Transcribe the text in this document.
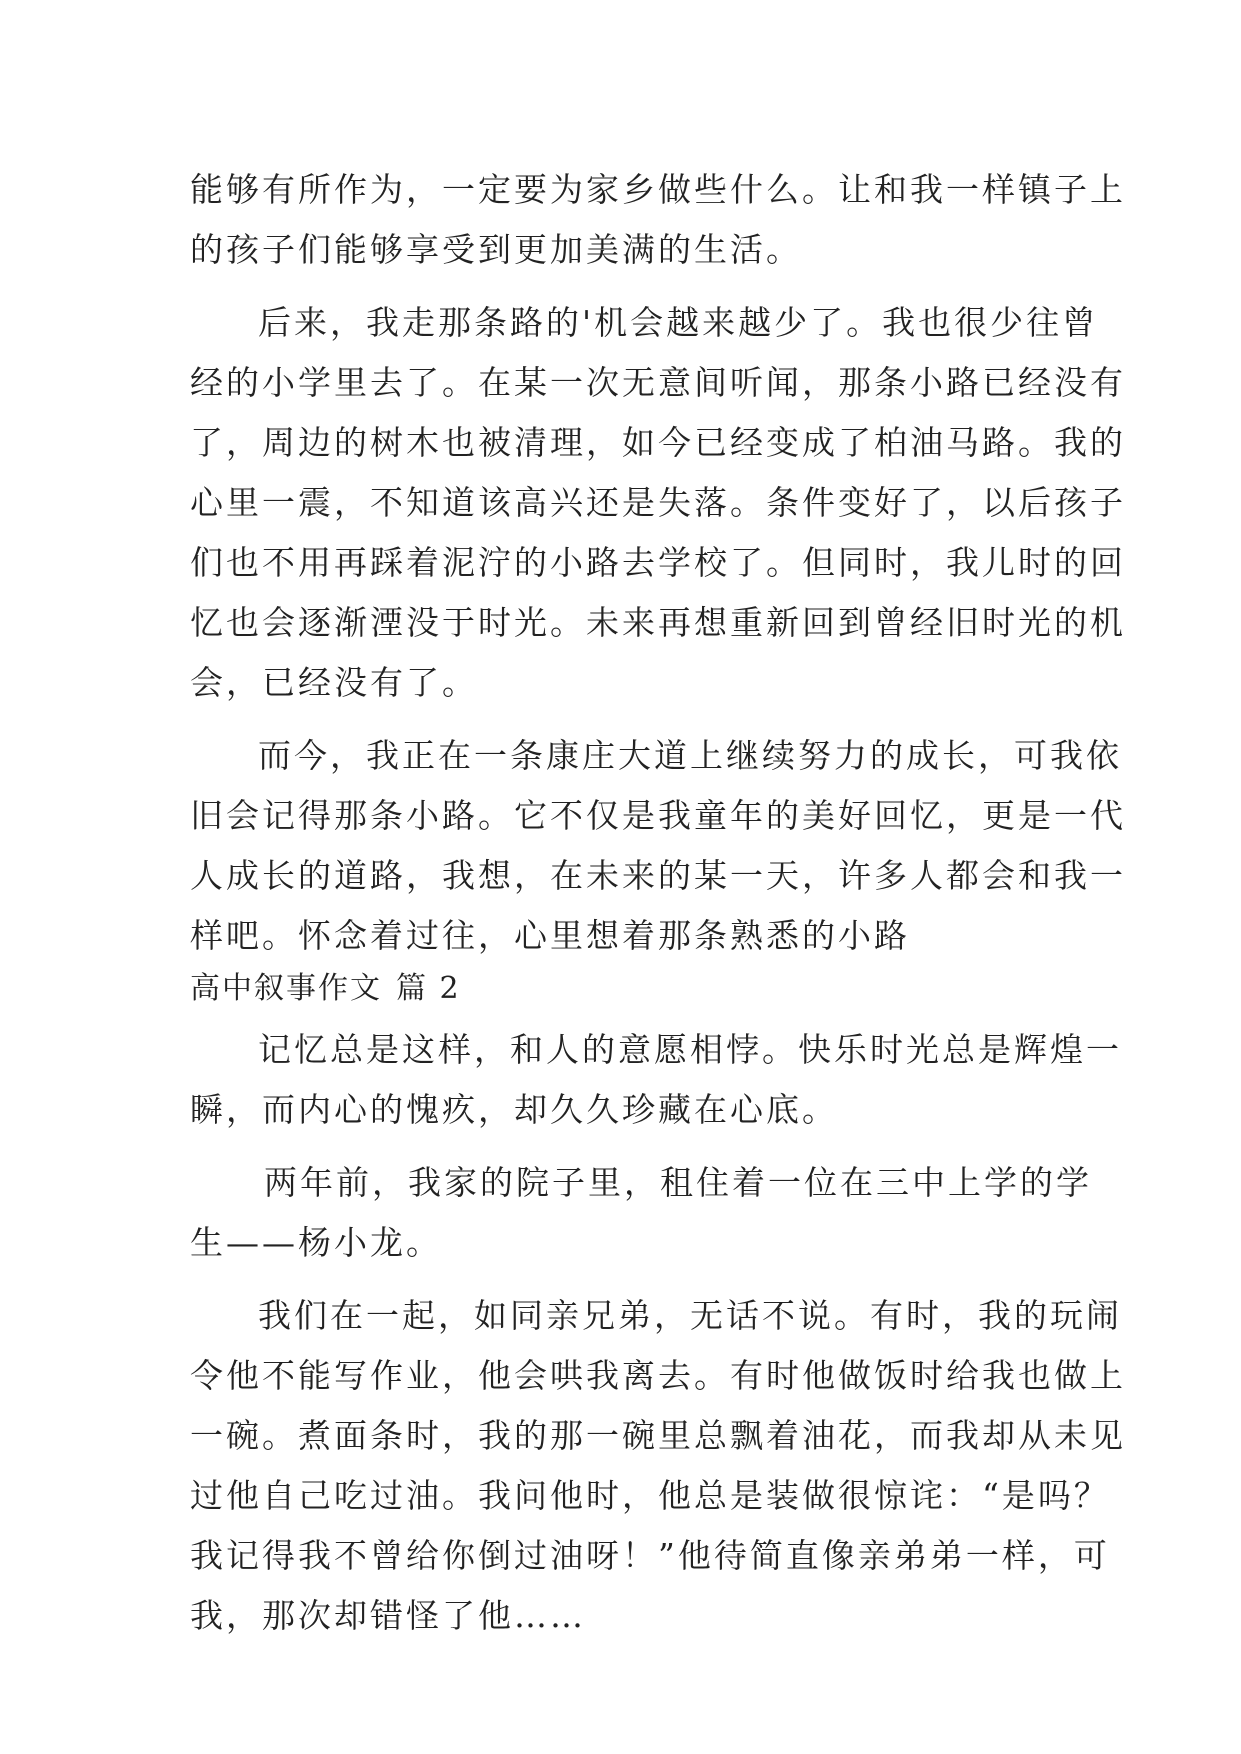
能够有所作为，一定要为家乡做些什么。让和我一样镇子上
的孩子们能够享受到更加美满的生活。
后来，我走那条路的'机会越来越少了。我也很少往曾
经的小学里去了。在某一次无意间听闻，那条小路已经没有
了，周边的树木也被清理，如今已经变成了柏油马路。我的
心里一震，不知道该高兴还是失落。条件变好了，以后孩子
们也不用再踩着泥泞的小路去学校了。但同时，我儿时的回
忆也会逐渐湮没于时光。未来再想重新回到曾经旧时光的机
会，已经没有了。
而今，我正在一条康庄大道上继续努力的成长，可我依
旧会记得那条小路。它不仅是我童年的美好回忆，更是一代
人成长的道路，我想，在未来的某一天，许多人都会和我一
样吧。怀念着过往，心里想着那条熟悉的小路
高中叙事作文 篇 2
记忆总是这样，和人的意愿相悖。快乐时光总是辉煌一
瞬，而内心的愧疚，却久久珍藏在心底。
两年前，我家的院子里，租住着一位在三中上学的学
生——杨小龙。
我们在一起，如同亲兄弟，无话不说。有时，我的玩闹
令他不能写作业，他会哄我离去。有时他做饭时给我也做上
一碗。煮面条时，我的那一碗里总飘着油花，而我却从未见
过他自己吃过油。我问他时，他总是装做很惊诧：“是吗？
我记得我不曾给你倒过油呀！”他待简直像亲弟弟一样，可
我，那次却错怪了他……
